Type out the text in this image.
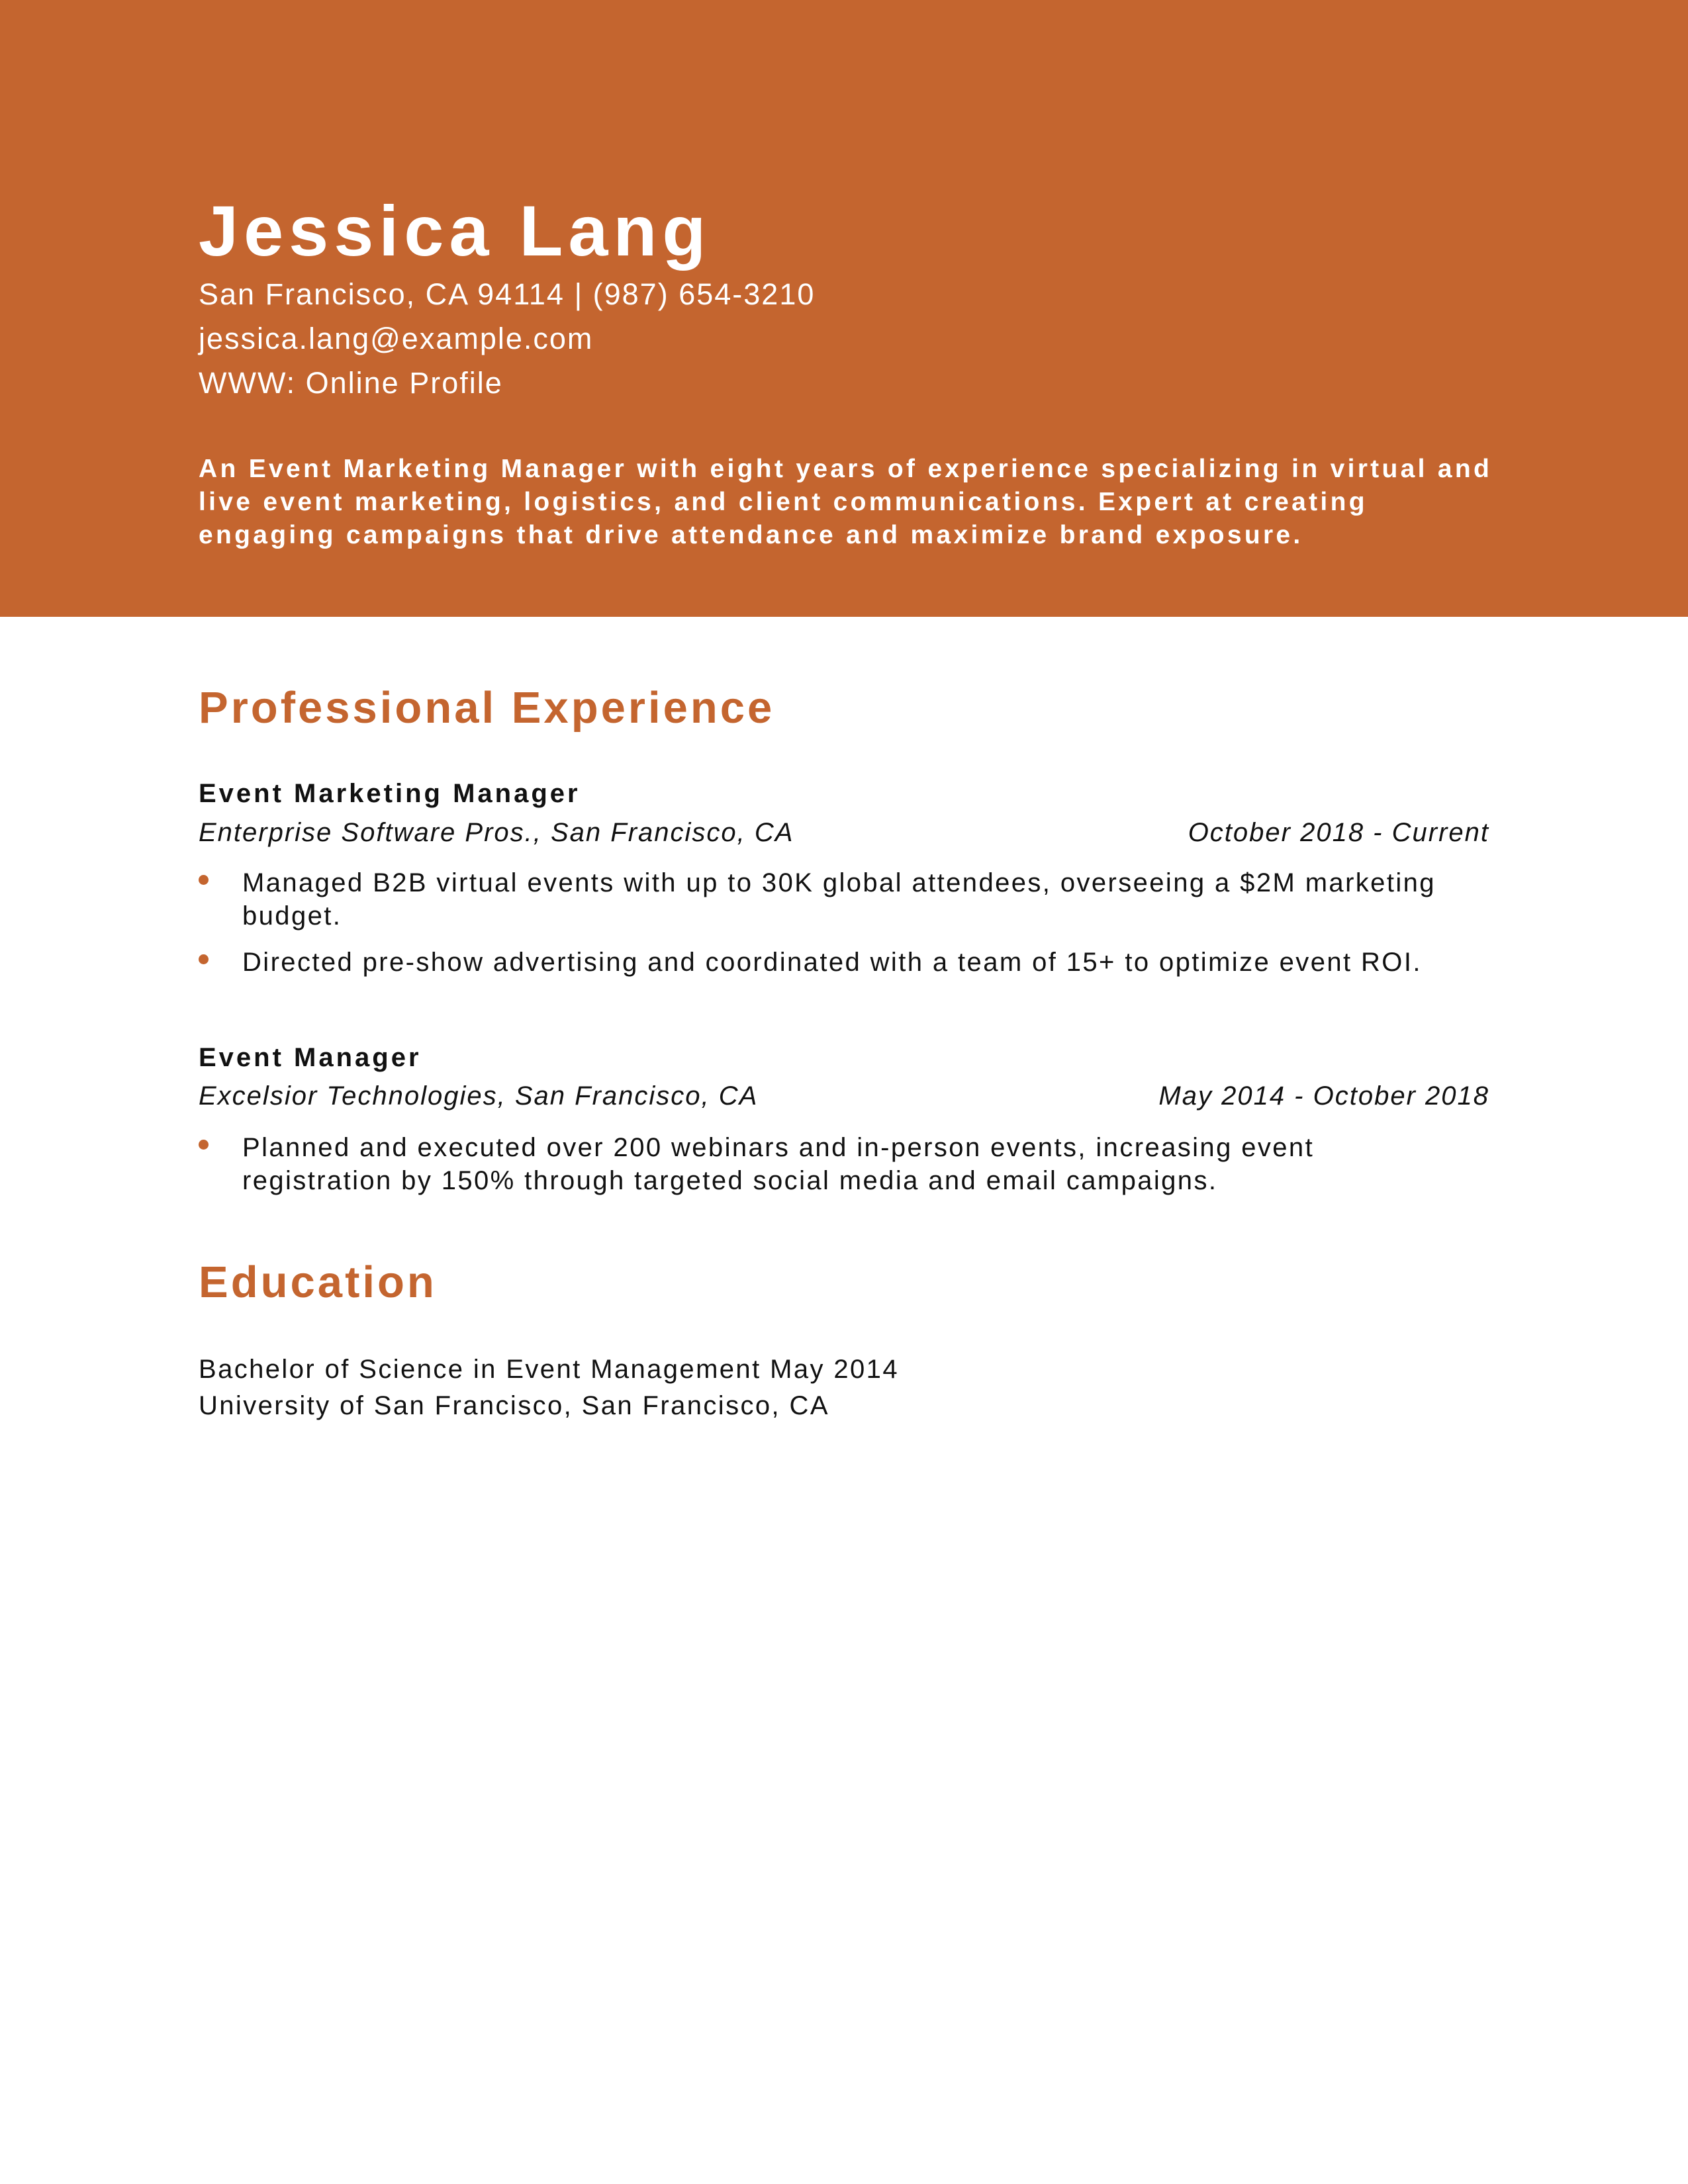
Jessica Lang
San Francisco, CA 94114 | (987) 654-3210
jessica.lang@example.com
WWW: Online Profile

An Event Marketing Manager with eight years of experience specializing in virtual and live event marketing, logistics, and client communications. Expert at creating engaging campaigns that drive attendance and maximize brand exposure.

Professional Experience
Event Marketing Manager
Enterprise Software Pros., San Francisco, CA	October 2018 - Current
Managed B2B virtual events with up to 30K global attendees, overseeing a $2M marketing budget.
Directed pre-show advertising and coordinated with a team of 15+ to optimize event ROI.
Event Manager
Excelsior Technologies, San Francisco, CA	May 2014 - October 2018
Planned and executed over 200 webinars and in-person events, increasing event registration by 150% through targeted social media and email campaigns.
Education
Bachelor of Science in Event Management May 2014
University of San Francisco, San Francisco, CA
